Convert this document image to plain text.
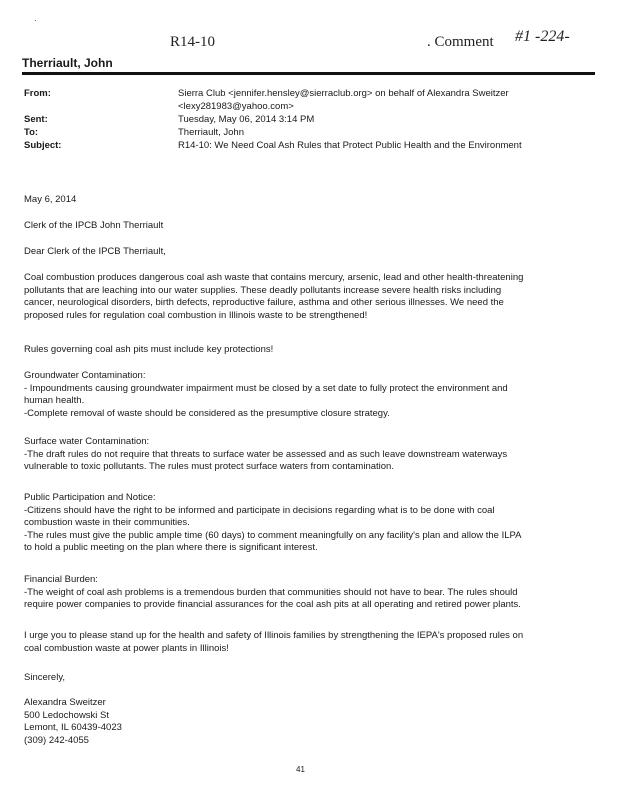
·
R14-10	. Comment #1 -224-
Therriault, John
From:	Sierra Club <jennifer.hensley@sierraclub.org> on behalf of Alexandra Sweitzer
<lexy281983@yahoo.com>
Sent:	Tuesday, May 06, 2014 3:14 PM
To:	Therriault, John
Subject:	R14-10: We Need Coal Ash Rules that Protect Public Health and the Environment
May 6, 2014
Clerk of the IPCB John Therriault
Dear Clerk of the IPCB Therriault,

Coal combustion produces dangerous coal ash waste that contains mercury, arsenic, lead and other health-threatening

pollutants that are leaching into our water supplies. These deadly pollutants increase severe health risks including

cancer, neurological disorders, birth defects, reproductive failure, asthma and other serious illnesses. We need the

proposed rules for regulation coal combustion in Illinois waste to be strengthened!

Rules governing coal ash pits must include key protections!

Groundwater Contamination:

- Impoundments causing groundwater impairment must be closed by a set date to fully protect the environment and

human health.

-Complete removal of waste should be considered as the presumptive closure strategy.

Surface water Contamination:

-The draft rules do not require that threats to surface water be assessed and as such leave downstream waterways

vulnerable to toxic pollutants. The rules must protect surface waters from contamination.

Public Participation and Notice:

-Citizens should have the right to be informed and participate in decisions regarding what is to be done with coal

combustion waste in their communities.

-The rules must give the public ample time (60 days) to comment meaningfully on any facility's plan and allow the ILPA

to hold a public meeting on the plan where there is significant interest.

Financial Burden:

-The weight of coal ash problems is a tremendous burden that communities should not have to bear. The rules should

require power companies to provide financial assurances for the coal ash pits at all operating and retired power plants.

I urge you to please stand up for the health and safety of Illinois families by strengthening the IEPA's proposed rules on

coal combustion waste at power plants in Illinois!

Sincerely,

Alexandra Sweitzer

500 Ledochowski St

Lemont, IL 60439-4023

(309) 242-4055

41
